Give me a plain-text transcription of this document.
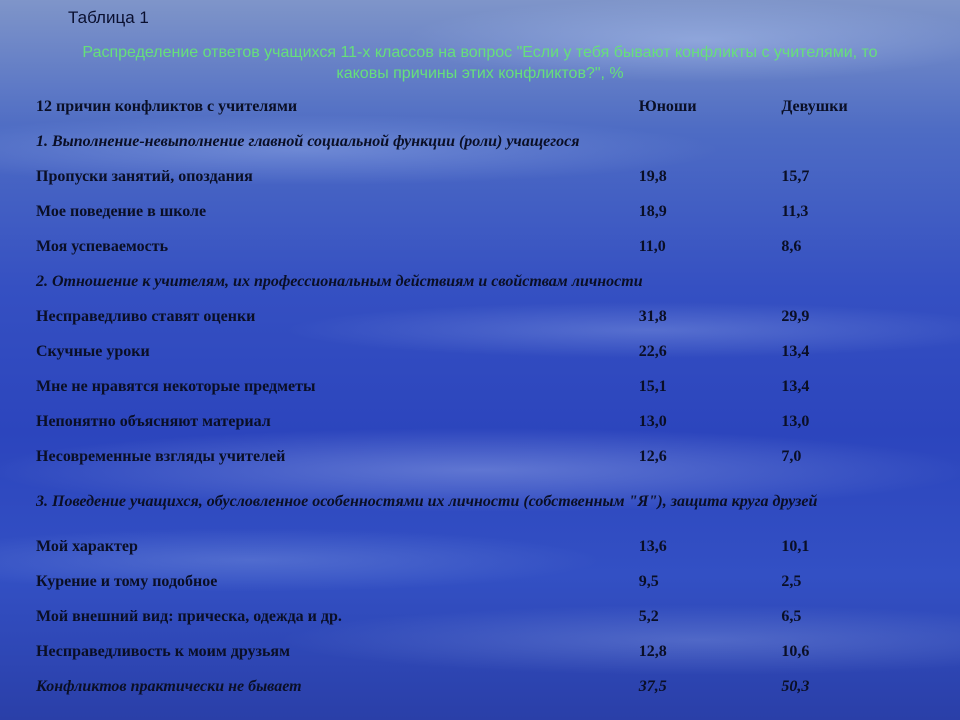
Таблица 1
Распределение ответов учащихся 11-х классов на вопрос "Если у тебя бывают конфликты с учителями, то каковы причины этих конфликтов?", %
12 причин конфликтов с учителями	Юноши	Девушки
1. Выполнение-невыполнение главной социальной функции (роли) учащегося		
Пропуски занятий, опоздания	19,8	15,7
Мое поведение в школе	18,9	11,3
Моя успеваемость	11,0	8,6
2. Отношение к учителям, их профессиональным действиям и свойствам личности		
Несправедливо ставят оценки	31,8	29,9
Скучные уроки	22,6	13,4
Мне не нравятся некоторые предметы	15,1	13,4
Непонятно объясняют материал	13,0	13,0
Несовременные взгляды учителей	12,6	7,0
3. Поведение учащихся, обусловленное особенностями их личности (собственным "Я"), защита круга друзей		
Мой характер	13,6	10,1
Курение и тому подобное	9,5	2,5
Мой внешний вид: прическа, одежда и др.	5,2	6,5
Несправедливость к моим друзьям	12,8	10,6
Конфликтов практически не бывает	37,5	50,3
